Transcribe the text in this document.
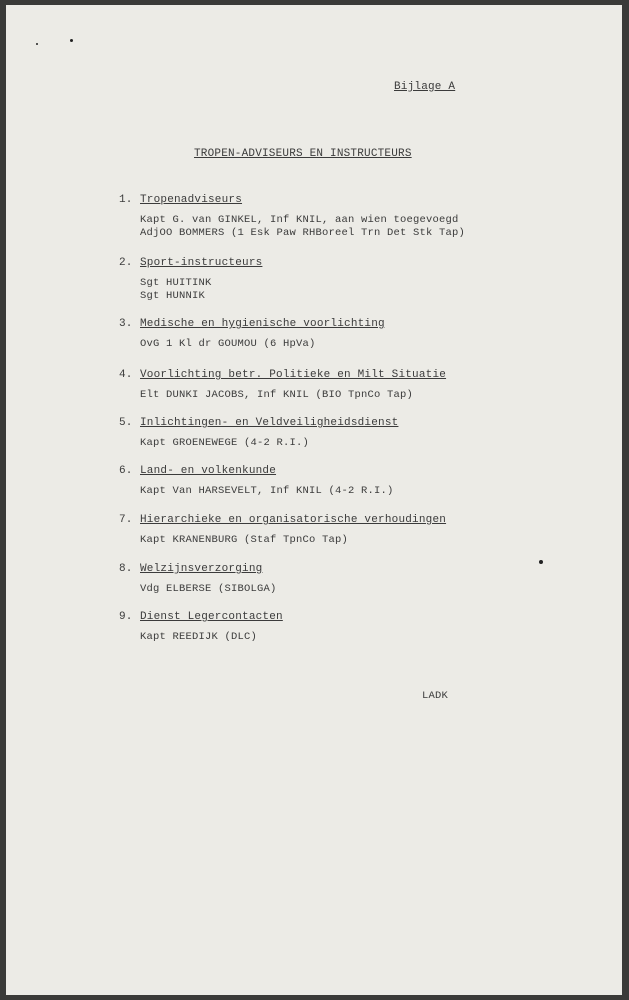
Bijlage A
TROPEN-ADVISEURS EN INSTRUCTEURS
1. Tropenadviseurs
Kapt G. van GINKEL, Inf KNIL, aan wien toegevoegd
AdjOO BOMMERS (1 Esk Paw RHBoreel Trn Det Stk Tap)
2. Sport-instructeurs
Sgt HUITINK
Sgt HUNNIK
3. Medische en hygienische voorlichting
OvG 1 Kl dr GOUMOU (6 HpVa)
4. Voorlichting betr. Politieke en Milt Situatie
Elt DUNKI JACOBS, Inf KNIL (BIO TpnCo Tap)
5. Inlichtingen- en Veldveiligheidsdienst
Kapt GROENEWEGE (4-2 R.I.)
6. Land- en volkenkunde
Kapt Van HARSEVELT, Inf KNIL (4-2 R.I.)
7. Hierarchieke en organisatorische verhoudingen
Kapt KRANENBURG (Staf TpnCo Tap)
8. Welzijnsverzorging
Vdg ELBERSE (SIBOLGA)
9. Dienst Legercontacten
Kapt REEDIJK (DLC)
LADK
